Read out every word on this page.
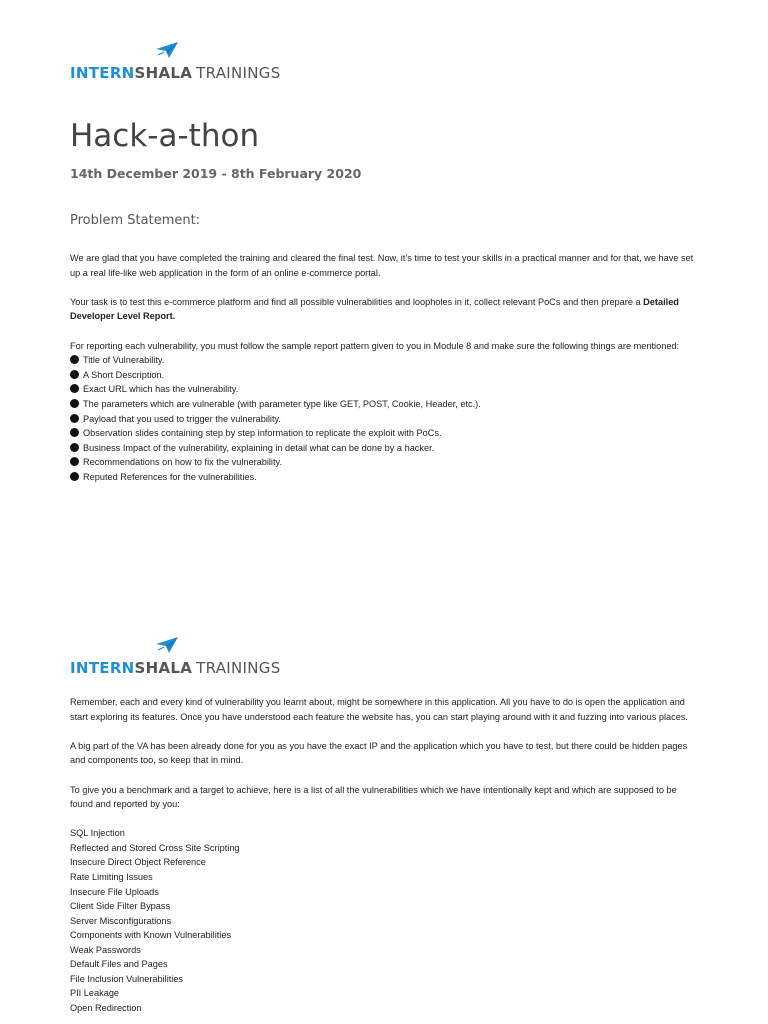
INTERNSHALA TRAININGS
Hack-a-thon
14th December 2019 - 8th February 2020
Problem Statement:

We are glad that you have completed the training and cleared the final test. Now, it’s time to test your skills in a practical manner and for that, we have set up a real life-like web application in the form of an online e-commerce portal.

Your task is to test this e-commerce platform and find all possible vulnerabilities and loopholes in it, collect relevant PoCs and then prepare a Detailed Developer Level Report.

For reporting each vulnerability, you must follow the sample report pattern given to you in Module 8 and make sure the following things are mentioned:

Title of Vulnerability.
A Short Description.
Exact URL which has the vulnerability.
The parameters which are vulnerable (with parameter type like GET, POST, Cookie, Header, etc.).
Payload that you used to trigger the vulnerability.
Observation slides containing step by step information to replicate the exploit with PoCs.
Business Impact of the vulnerability, explaining in detail what can be done by a hacker.
Recommendations on how to fix the vulnerability.
Reputed References for the vulnerabilities.
INTERNSHALA TRAININGS

Remember, each and every kind of vulnerability you learnt about, might be somewhere in this application. All you have to do is open the application and start exploring its features. Once you have understood each feature the website has, you can start playing around with it and fuzzing into various places.

A big part of the VA has been already done for you as you have the exact IP and the application which you have to test, but there could be hidden pages and components too, so keep that in mind.

To give you a benchmark and a target to achieve, here is a list of all the vulnerabilities which we have intentionally kept and which are supposed to be found and reported by you:

SQL Injection
Reflected and Stored Cross Site Scripting
Insecure Direct Object Reference
Rate Limiting Issues
Insecure File Uploads
Client Side Filter Bypass
Server Misconfigurations
Components with Known Vulnerabilities
Weak Passwords
Default Files and Pages
File Inclusion Vulnerabilities
PII Leakage
Open Redirection
